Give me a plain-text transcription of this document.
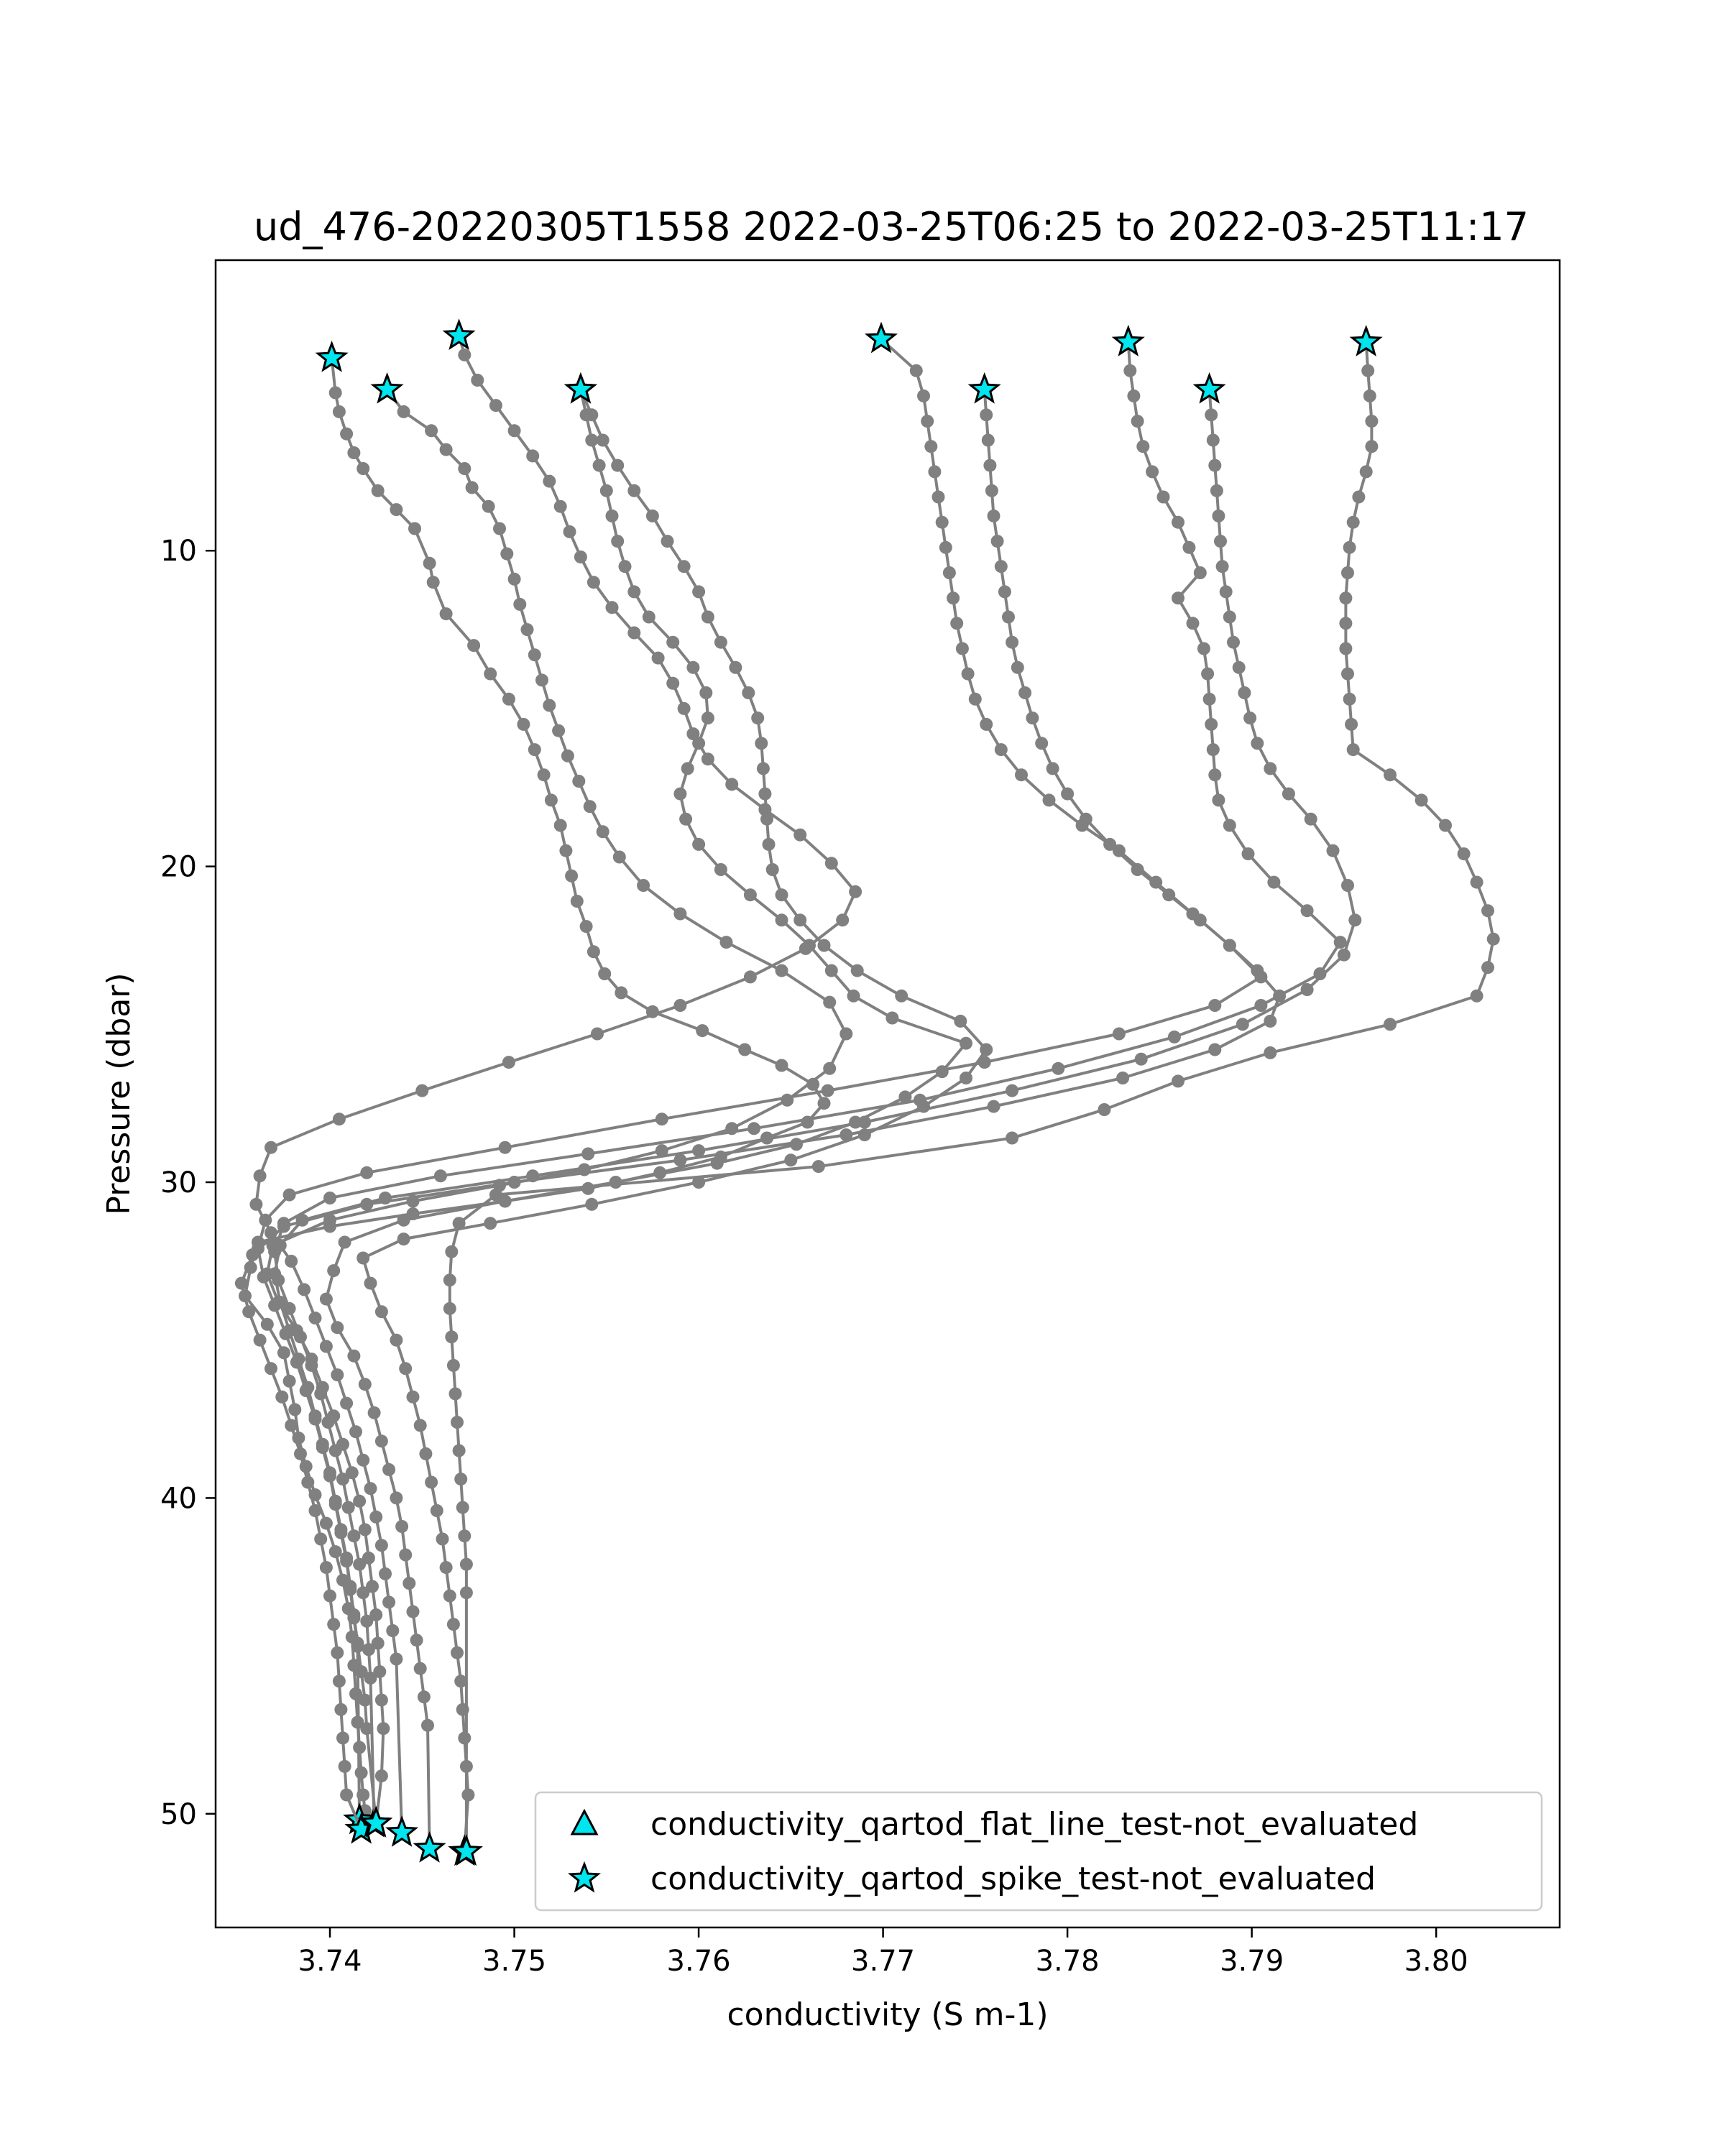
ud_476-20220305T1558 2022-03-25T06:25 to 2022-03-25T11:17
3.74	3.75	3.76	3.77	3.78	3.79	3.80
10
20
30
40
50
conductivity (S m-1)
Pressure (dbar)
conductivity_qartod_flat_line_test-not_evaluated
conductivity_qartod_spike_test-not_evaluated
